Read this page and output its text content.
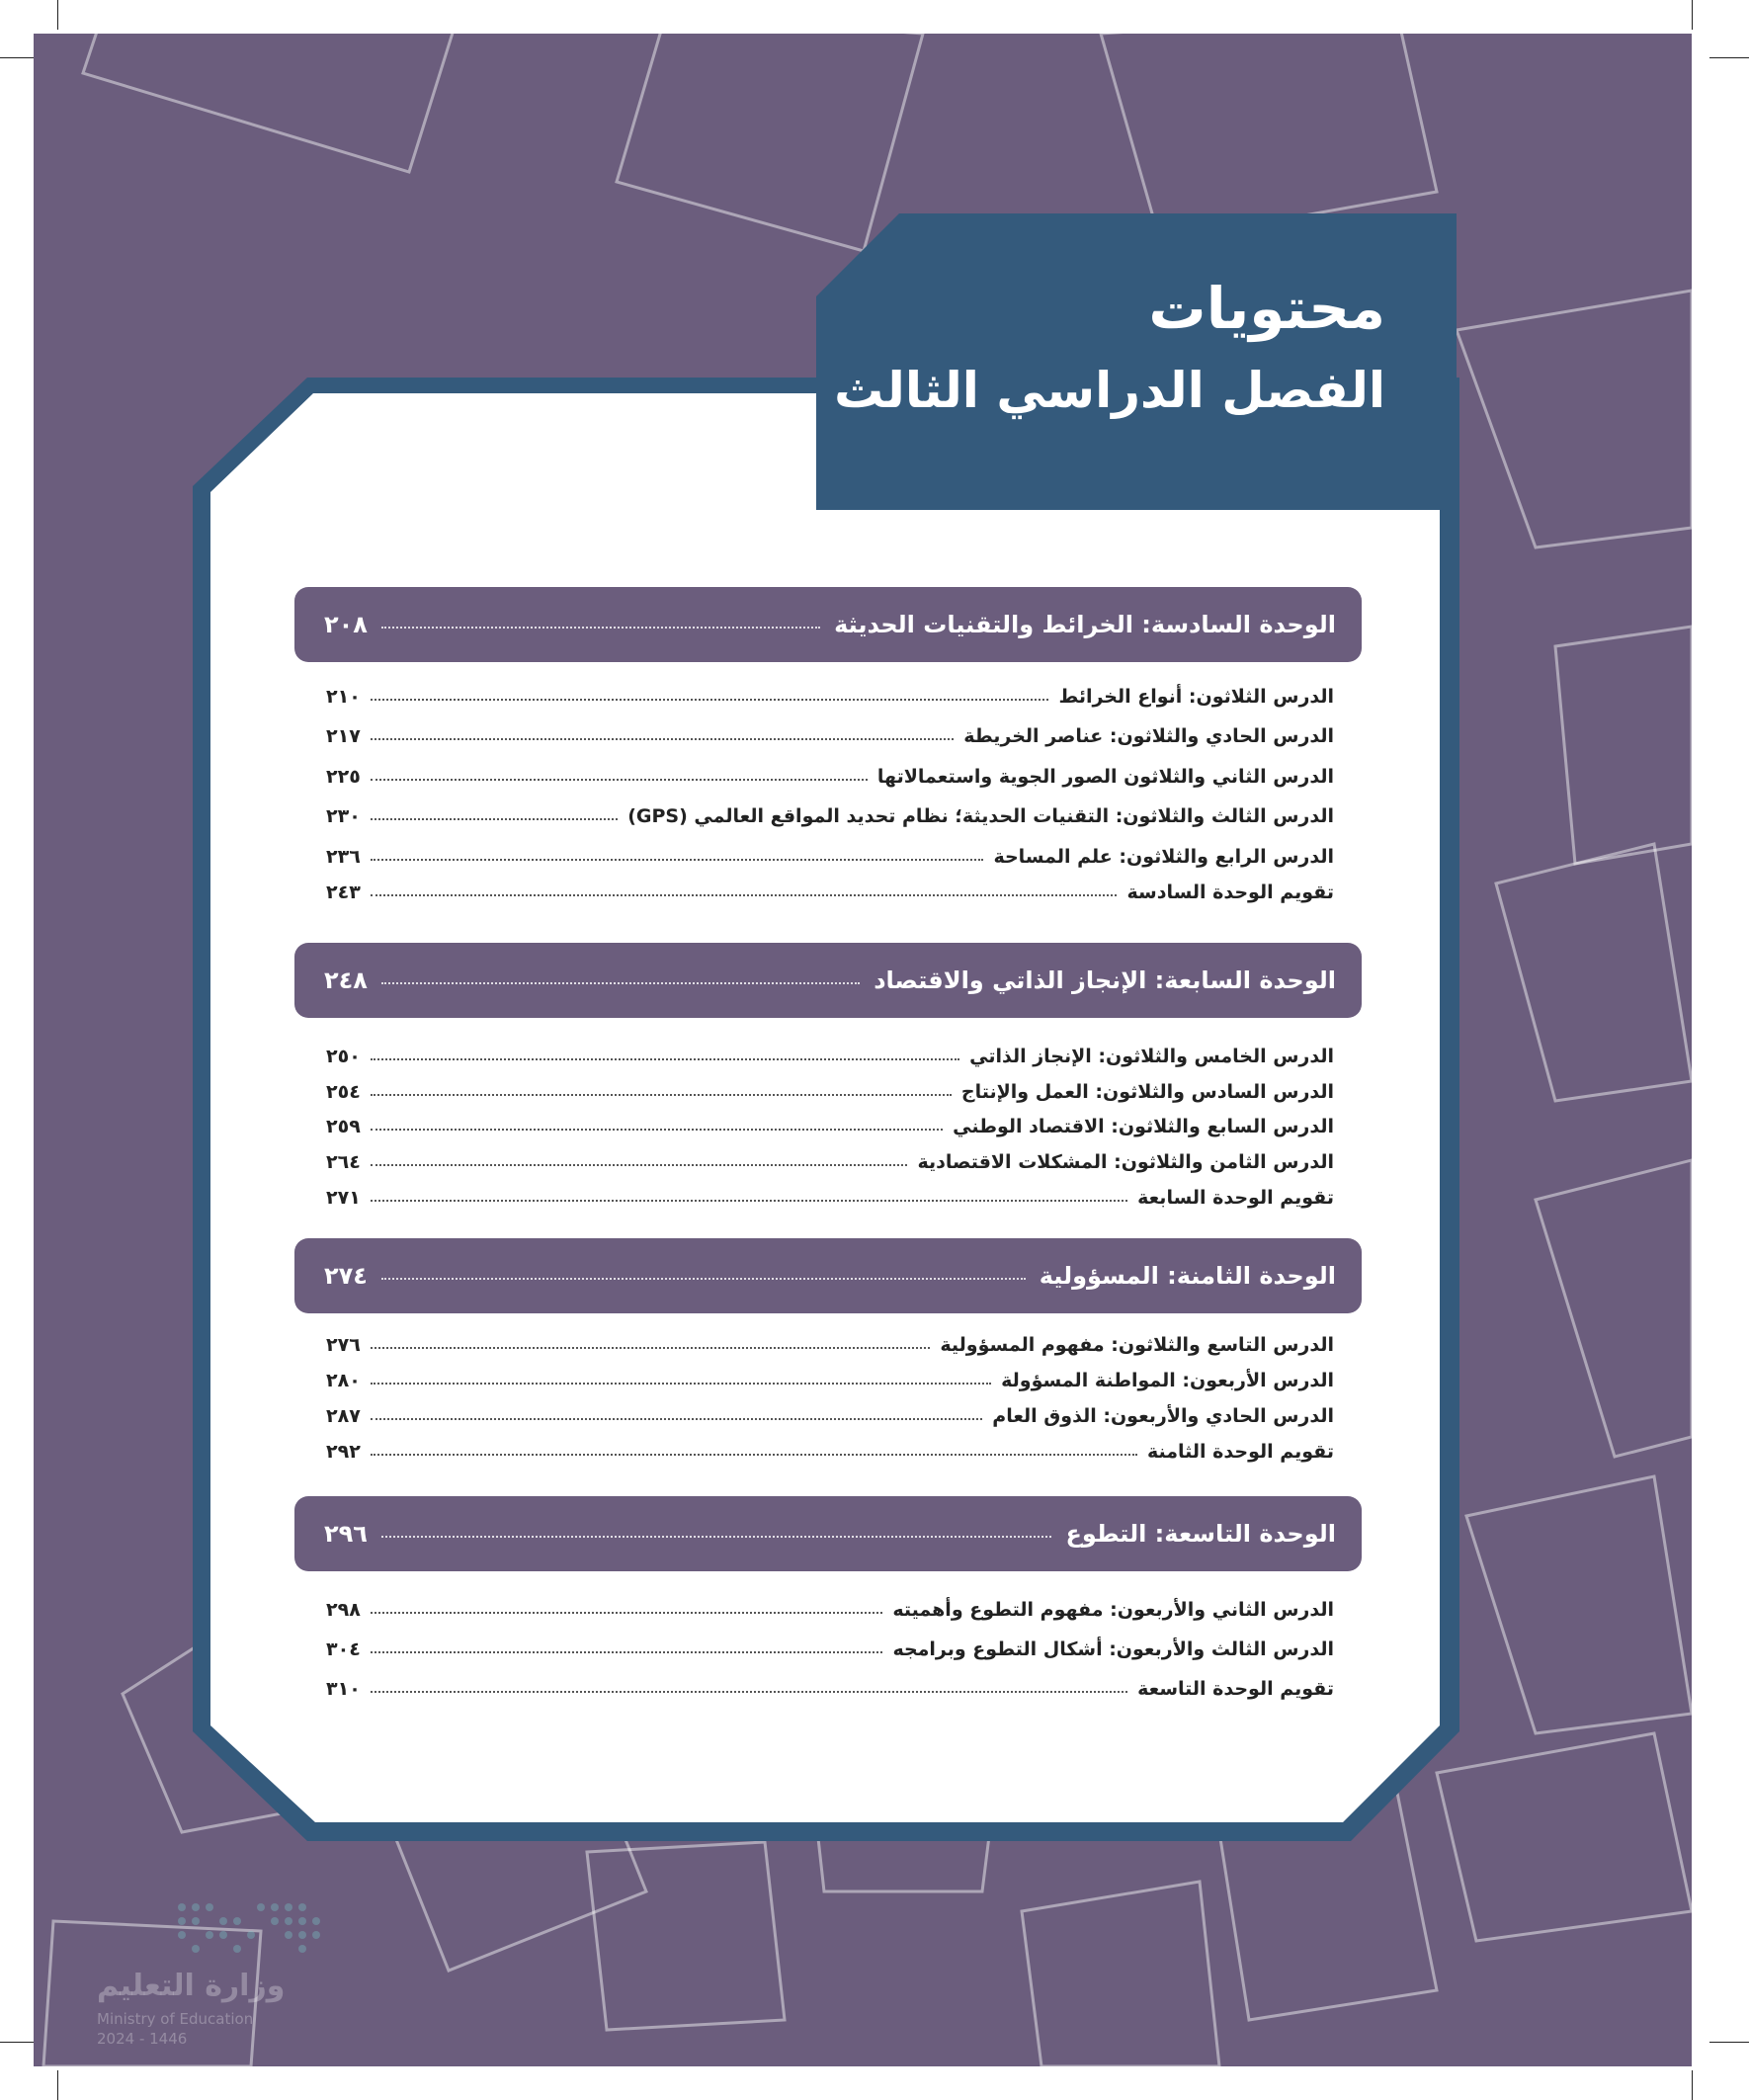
محتويات
الفصل الدراسي الثالث
الوحدة السادسة: الخرائط والتقنيات الحديثة
٢٠٨
الدرس الثلاثون: أنواع الخرائط
٢١٠
الدرس الحادي والثلاثون: عناصر الخريطة
٢١٧
الدرس الثاني والثلاثون الصور الجوية واستعمالاتها
٢٢٥
الدرس الثالث والثلاثون: التقنيات الحديثة؛ نظام تحديد المواقع العالمي (GPS)
٢٣٠
الدرس الرابع والثلاثون: علم المساحة
٢٣٦
تقويم الوحدة السادسة
٢٤٣
الوحدة السابعة: الإنجاز الذاتي والاقتصاد
٢٤٨
الدرس الخامس والثلاثون: الإنجاز الذاتي
٢٥٠
الدرس السادس والثلاثون: العمل والإنتاج
٢٥٤
الدرس السابع والثلاثون: الاقتصاد الوطني
٢٥٩
الدرس الثامن والثلاثون: المشكلات الاقتصادية
٢٦٤
تقويم الوحدة السابعة
٢٧١
الوحدة الثامنة: المسؤولية
٢٧٤
الدرس التاسع والثلاثون: مفهوم المسؤولية
٢٧٦
الدرس الأربعون: المواطنة المسؤولة
٢٨٠
الدرس الحادي والأربعون: الذوق العام
٢٨٧
تقويم الوحدة الثامنة
٢٩٢
الوحدة التاسعة: التطوع
٢٩٦
الدرس الثاني والأربعون: مفهوم التطوع وأهميته
٢٩٨
الدرس الثالث والأربعون: أشكال التطوع وبرامجه
٣٠٤
تقويم الوحدة التاسعة
٣١٠
وزارة التعليم
Ministry of Education
2024 - 1446
